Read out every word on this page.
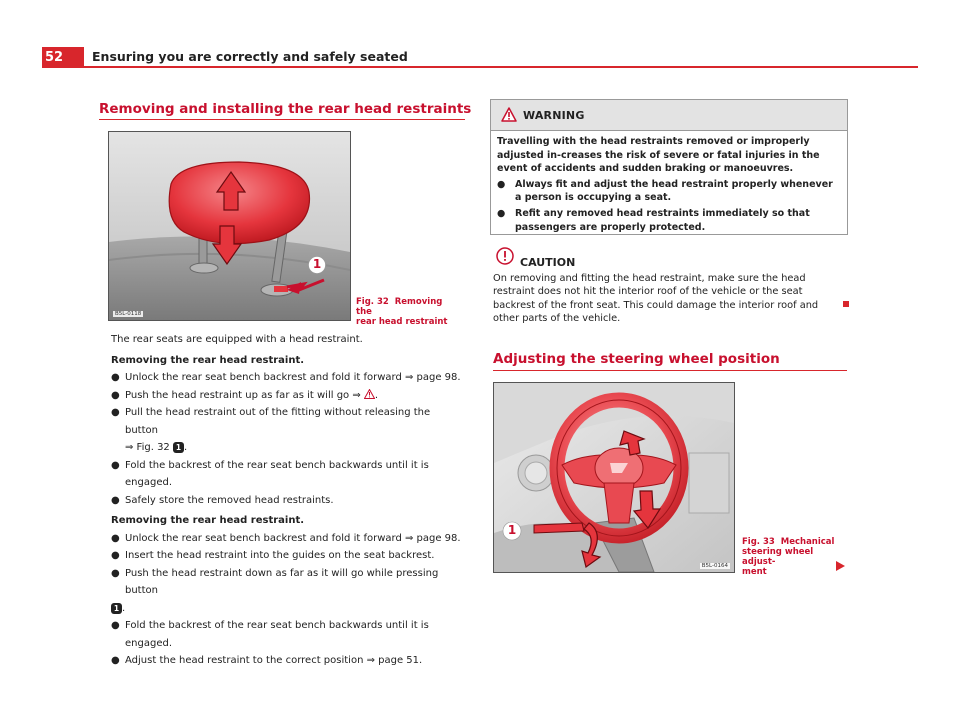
52	Ensuring you are correctly and safely seated
Removing and installing the rear head restraints
1
B5L-0118
Fig. 32 Removing the
rear head restraint

The rear seats are equipped with a head restraint.

Removing the rear head restraint.

● Unlock the rear seat bench backrest and fold it forward ⇒ page 98.

● Push the head restraint up as far as it will go ⇒ .

● Pull the head restraint out of the fitting without releasing the button
⇒ Fig. 32 1 .

● Fold the backrest of the rear seat bench backwards until it is engaged.

● Safely store the removed head restraints.

Removing the rear head restraint.

● Unlock the rear seat bench backrest and fold it forward ⇒ page 98.

● Insert the head restraint into the guides on the seat backrest.

● Push the head restraint down as far as it will go while pressing button
1 .

● Fold the backrest of the rear seat bench backwards until it is engaged.

● Adjust the head restraint to the correct position ⇒ page 51.

WARNING

Travelling with the head restraints removed or improperly adjusted in-creases the risk of severe or fatal injuries in the event of accidents and sudden braking or manoeuvres.

● Always fit and adjust the head restraint properly whenever a person is occupying a seat.

● Refit any removed head restraints immediately so that passengers are properly protected.

CAUTION
On removing and fitting the head restraint, make sure the head restraint does not hit the interior roof of the vehicle or the seat backrest of the front seat. This could damage the interior roof and other parts of the vehicle.
Adjusting the steering wheel position
1
B5L-0164
Fig. 33 Mechanical
steering wheel adjust-
ment
